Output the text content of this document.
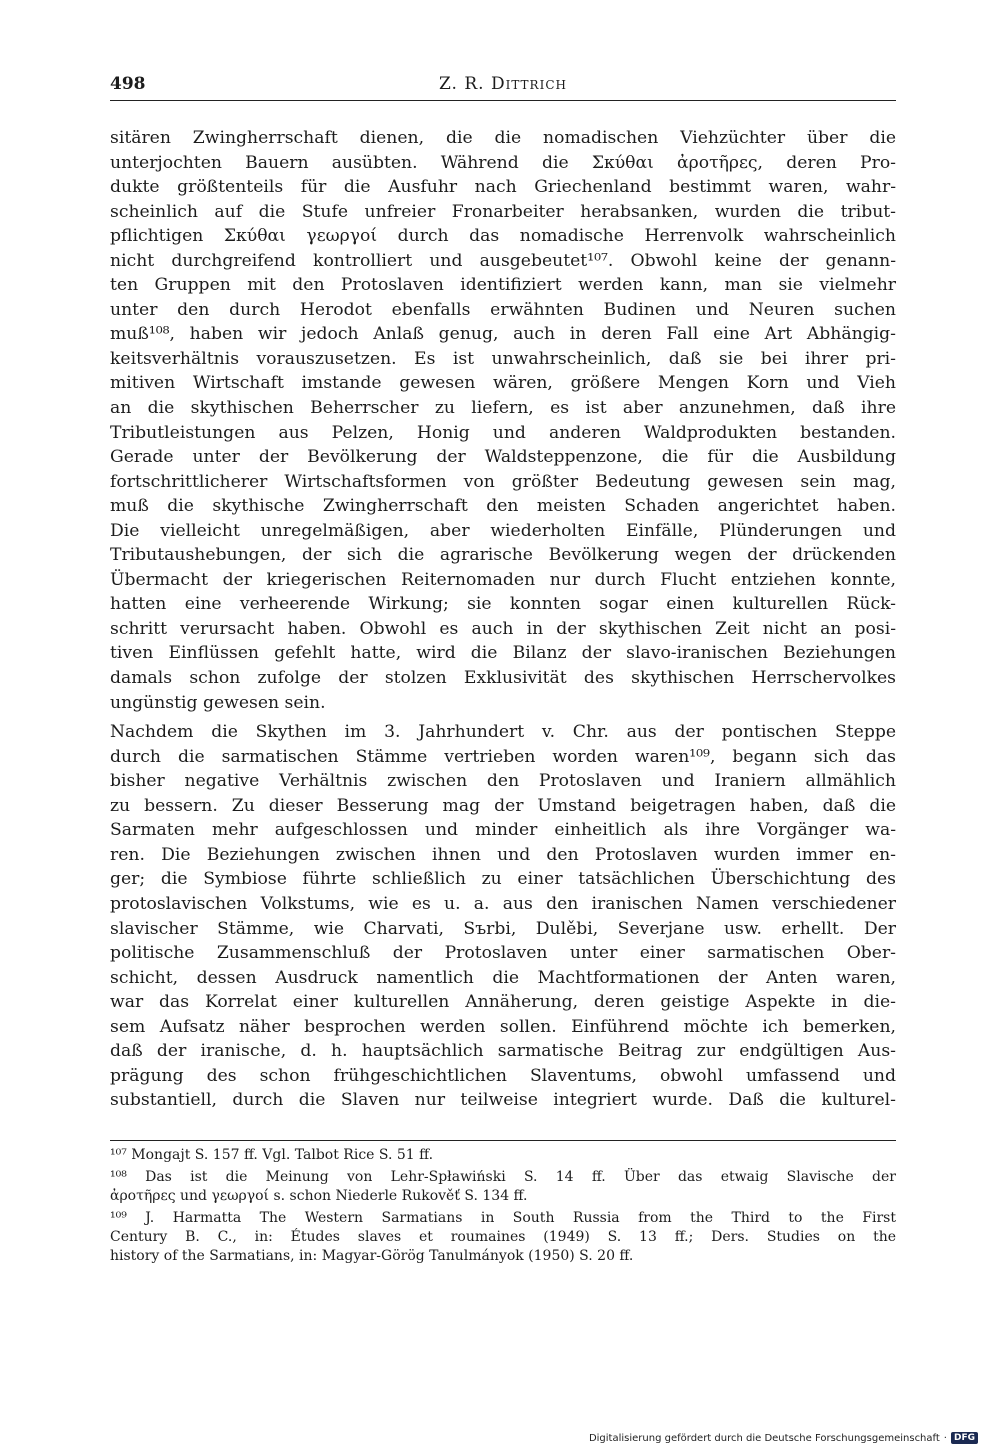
498	Z. R. Dittrich
sitären Zwingherrschaft dienen, die die nomadischen Viehzüchter über die
unterjochten Bauern ausübten. Während die Σκύθαι ἀροτῆρες, deren Pro-
dukte größtenteils für die Ausfuhr nach Griechenland bestimmt waren, wahr-
scheinlich auf die Stufe unfreier Fronarbeiter herabsanken, wurden die tribut-
pflichtigen Σκύθαι γεωργοί durch das nomadische Herrenvolk wahrscheinlich
nicht durchgreifend kontrolliert und ausgebeutet¹⁰⁷. Obwohl keine der genann-
ten Gruppen mit den Protoslaven identifiziert werden kann, man sie vielmehr
unter den durch Herodot ebenfalls erwähnten Budinen und Neuren suchen
muß¹⁰⁸, haben wir jedoch Anlaß genug, auch in deren Fall eine Art Abhängig-
keitsverhältnis vorauszusetzen. Es ist unwahrscheinlich, daß sie bei ihrer pri-
mitiven Wirtschaft imstande gewesen wären, größere Mengen Korn und Vieh
an die skythischen Beherrscher zu liefern, es ist aber anzunehmen, daß ihre
Tributleistungen aus Pelzen, Honig und anderen Waldprodukten bestanden.
Gerade unter der Bevölkerung der Waldsteppenzone, die für die Ausbildung
fortschrittlicherer Wirtschaftsformen von größter Bedeutung gewesen sein mag,
muß die skythische Zwingherrschaft den meisten Schaden angerichtet haben.
Die vielleicht unregelmäßigen, aber wiederholten Einfälle, Plünderungen und
Tributaushebungen, der sich die agrarische Bevölkerung wegen der drückenden
Übermacht der kriegerischen Reiternomaden nur durch Flucht entziehen konnte,
hatten eine verheerende Wirkung; sie konnten sogar einen kulturellen Rück-
schritt verursacht haben. Obwohl es auch in der skythischen Zeit nicht an posi-
tiven Einflüssen gefehlt hatte, wird die Bilanz der slavo-iranischen Beziehungen
damals schon zufolge der stolzen Exklusivität des skythischen Herrschervolkes
ungünstig gewesen sein.
Nachdem die Skythen im 3. Jahrhundert v. Chr. aus der pontischen Steppe
durch die sarmatischen Stämme vertrieben worden waren¹⁰⁹, begann sich das
bisher negative Verhältnis zwischen den Protoslaven und Iraniern allmählich
zu bessern. Zu dieser Besserung mag der Umstand beigetragen haben, daß die
Sarmaten mehr aufgeschlossen und minder einheitlich als ihre Vorgänger wa-
ren. Die Beziehungen zwischen ihnen und den Protoslaven wurden immer en-
ger; die Symbiose führte schließlich zu einer tatsächlichen Überschichtung des
protoslavischen Volkstums, wie es u. a. aus den iranischen Namen verschiedener
slavischer Stämme, wie Charvati, Sъrbi, Dulěbi, Severjane usw. erhellt. Der
politische Zusammenschluß der Protoslaven unter einer sarmatischen Ober-
schicht, dessen Ausdruck namentlich die Machtformationen der Anten waren,
war das Korrelat einer kulturellen Annäherung, deren geistige Aspekte in die-
sem Aufsatz näher besprochen werden sollen. Einführend möchte ich bemerken,
daß der iranische, d. h. hauptsächlich sarmatische Beitrag zur endgültigen Aus-
prägung des schon frühgeschichtlichen Slaventums, obwohl umfassend und
substantiell, durch die Slaven nur teilweise integriert wurde. Daß die kulturel-
¹⁰⁷ Mongajt S. 157 ff. Vgl. Talbot Rice S. 51 ff.
¹⁰⁸ Das ist die Meinung von Lehr-Spławiński S. 14 ff. Über das etwaig Slavische der
ἀροτῆρες und γεωργοί s. schon Niederle Rukověť S. 134 ff.
¹⁰⁹ J. Harmatta The Western Sarmatians in South Russia from the Third to the First
Century B. C., in: Études slaves et roumaines (1949) S. 13 ff.; Ders. Studies on the
history of the Sarmatians, in: Magyar-Görög Tanulmányok (1950) S. 20 ff.
Digitalisierung gefördert durch die Deutsche Forschungsgemeinschaft · DFG
